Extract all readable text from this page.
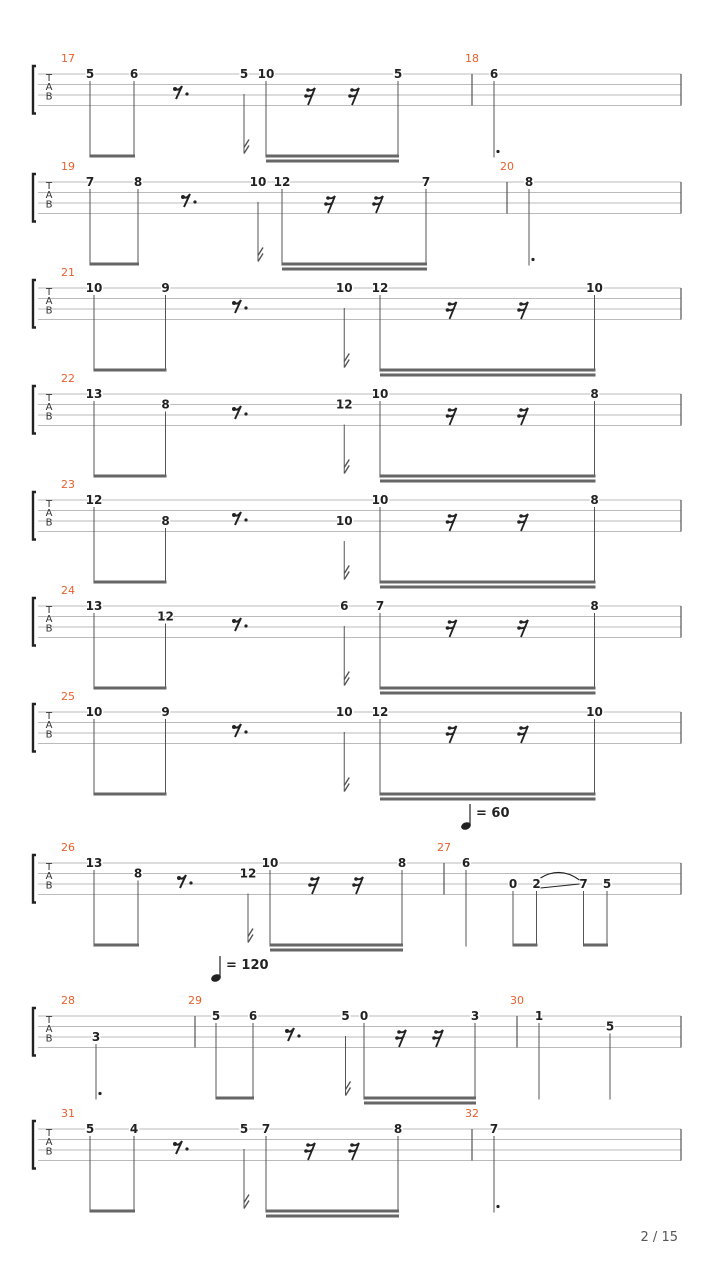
T
A
B
17
5	6	5 10	5
18
6
T
A
B
19
7	8	10 12	7
20
8
T
A
B
21
10	9	10 12	10
T
A
B
22
13
8	12
10	8
T
A
B
23
12
8	10
10	8
T
A
B
24
13
12
6 7	8
T
A
B
25
10	9	10 12	10
T
A
B
26
13
8	12
10	8
27
6
0 2	7 5
T
A
B
28
3
29
5 6	5 0	3
30
1
5
T
A
B
31
5	4	5 7	8
32
7
= 60
= 120
2 / 15
